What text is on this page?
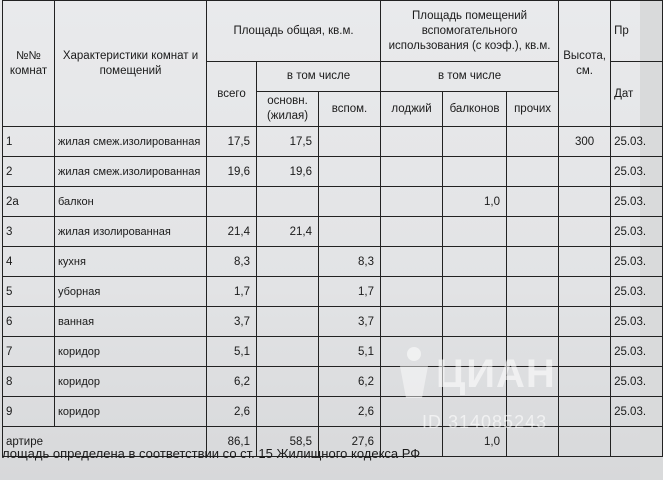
№№ комнат	Характеристики комнат и помещений	Площадь общая, кв.м.			Площадь помещений вспомогательного использования (с коэф.), кв.м.			Высота, см.	Пр
		всего	в том числе		в том числе				Дат
			основн. (жилая)	вспом.	лоджий	балконов	прочих		
1	жилая смеж.изолированная	17,5	17,5					300	25.03.
2	жилая смеж.изолированная	19,6	19,6						25.03.
2а	балкон					1,0			25.03.
3	жилая изолированная	21,4	21,4						25.03.
4	кухня	8,3		8,3					25.03.
5	уборная	1,7		1,7					25.03.
6	ванная	3,7		3,7					25.03.
7	коридор	5,1		5,1					25.03.
8	коридор	6,2		6,2					25.03.
9	коридор	2,6		2,6					25.03.
артире		86,1	58,5	27,6		1,0			
лощадь определена в соответствии со ст. 15 Жилищного кодекса РФ
ЦИАН
ID 314085243
